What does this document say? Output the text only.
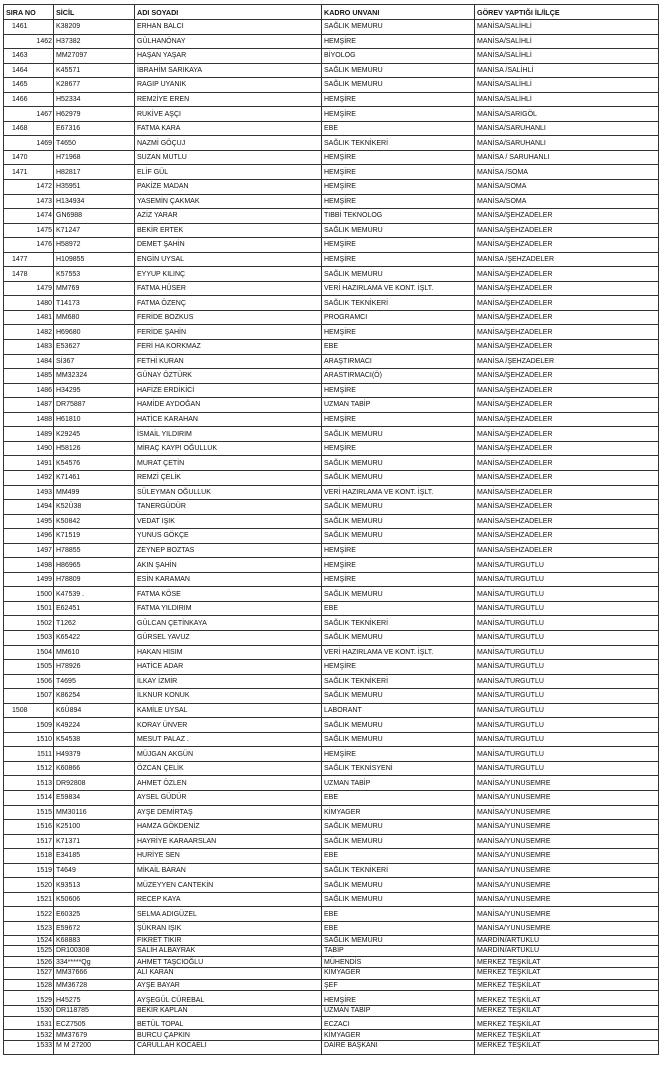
SIRA NO	SİCİL	ADI SOYADI	KADRO UNVANI	GÖREV YAPTIĞI İL/İLÇE
1461	K38209	ERHAN BALCI	SAĞLIK MEMURU	MANİSA/SALİHLİ
1462	H37382	GÜLHANÖNAY	HEMŞİRE	MANİSA/SALİHLİ
1463	MM27097	HAŞAN YAŞAR	BİYOLOG	MANİSA/SALİHLİ
1464	K45571	İBRAHİM SARIKAYA	SAĞLIK MEMURU	MANİSA /SALİHLİ
1465	K28677	RAGIP UYANIK	SAĞLIK MEMURU	MANİSA/SALİHLİ
1466	H52334	REM2İYE EREN	HEMŞİRE	MANİSA/SALİHLİ
1467	H62979	RUKİVE AŞÇI	HEMŞİRE	MANİSA/SARIGÖL
1468	E67316	FATMA KARA	EBE	MANİSA/SARUHANLI
1469	T4650	NAZMİ GÖÇUJ	SAĞLIK TEKNİKERİ	MANİSA/SARUHANLI
1470	H71968	SUZAN MUTLU	HEMŞİRE	MANİSA / SARUHANLI
1471	H82817	ELİF GÜL	HEMŞİRE	MANİSA /SOMA
1472	H35951	PAKİZE MADAN	HEMŞİRE	MANİSA/SOMA
1473	H134934	YASEMİN ÇAKMAK	HEMŞİRE	MANİSA/SOMA
1474	GN6988	AZİZ YARAR	TIBBİ TEKNOLOG	MANİSA/ŞEHZADELER
1475	K71247	BEKİR ERTEK	SAĞLIK MEMURU	MANİSA/ŞEHZADELER
1476	H58972	DEMET ŞAHİN	HEMŞİRE	MANİSA/ŞEHZADELER
1477	H109855	ENGİN UYSAL	HEMŞİRE	MANİSA /ŞEHZADELER
1478	K57553	EYYUP KILINÇ	SAĞLIK MEMURU	MANİSA/ŞEHZADELER
1479	MM769	FATMA HÜSER	VERİ HAZIRLAMA VE KONT. İŞLT.	MANİSA/ŞEHZADELER
1480	T14173	FATMA ÖZENÇ	SAĞLIK TEKNİKERİ	MANİSA/ŞEHZADELER
1481	MM680	FERİDE BOZKUS	PROGRAMCI	MANİSA/ŞEHZADELER
1482	H69680	FERİDE ŞAHİN	HEMŞİRE	MANİSA/ŞEHZADELER
1483	E53627	FERİ HA KORKMAZ	EBE	MANİSA/ŞEHZADELER
1484	Sİ367	FETHİ KURAN	ARAŞTIRMACI	MANİSA /ŞEHZADELER
1485	MM32324	GÜNAY ÖZTÜRK	ARASTIRMACI(Ö)	MANİSA/ŞEHZADELER
1486	H34295	HAFİZE ERDİKİCİ	HEMŞİRE	MANİSA/ŞEHZADELER
1487	DR75887	HAMİDE AYDOĞAN	UZMAN TABİP	MANİSA/ŞEHZADELER
1488	H61810	HATİCE KARAHAN	HEMŞİRE	MANİSA/ŞEHZADELER
1489	K29245	İSMAİL YILDIRIM	SAĞLIK MEMURU	MANİSA/ŞEHZADELER
1490	H58126	MİRAÇ KAYPI OĞULLUK	HEMŞİRE	MANİSA/ŞEHZADELER
1491	K54576	MURAT ÇETİN	SAĞLIK MEMURU	MANİSA/SEHZADELER
1492	K71461	REMZİ ÇELİK	SAĞLIK MEMURU	MANİSA/SEHZADELER
1493	MM499	SÜLEYMAN OĞULLUK	VERİ HAZIRLAMA VE KONT. İŞLT.	MANİSA/SEHZADELER
1494	K52Ü38	TANERGÜDÜR	SAĞLIK MEMURU	MANİSA/SEHZADELER
1495	K50842	VEDAT IŞIK	SAĞLIK MEMURU	MANİSA/SEHZADELER
1496	K71519	YUNUS GÖKÇE	SAĞLIK MEMURU	MANİSA/SEHZADELER
1497	H78855	ZEYNEP BOZTAS	HEMŞİRE	MANİSA/SEHZADELER
1498	H86965	AKIN ŞAHİN	HEMŞİRE	MANİSA/TURGUTLU
1499	H78809	ESİN KARAMAN	HEMŞİRE	MANİSA/TURGUTLU
1500	K47539 .	FATMA KÖSE	SAĞLIK MEMURU	MANİSA/TURGUTLU
1501	E62451	FATMA YILDIRIM	EBE	MANİSA/TURGUTLU
1502	T1262	GÜLCAN ÇETİNKAYA	SAĞLIK TEKNİKERİ	MANİSA/TURGUTLU
1503	K65422	GÜRSEL YAVUZ	SAĞLIK MEMURU	MANİSA/TURGUTLU
1504	MM610	HAKAN HISIM	VERİ HAZIRLAMA VE KONT. İŞLT.	MANİSA/TURGUTLU
1505	H78926	HATİCE ADAR	HEMŞİRE	MANİSA/TURGUTLU
1506	T4695	İLKAY İZMİR	SAĞLIK TEKNİKERİ	MANİSA/TURGUTLU
1507	K86254	İLKNUR KONUK	SAĞLIK MEMURU	MANİSA/TURGUTLU
1508	K6Ü894	KAMİLE UYSAL	LABORANT	MANİSA/TURGUTLU
1509	K49224	KORAY ÜNVER	SAĞLIK MEMURU	MANİSA/TURGUTLU
1510	K54538	MESUT PALAZ .	SAĞLIK MEMURU	MANİSA/TURGUTLU
1511	H49379	MÜJGAN AKGÜN	HEMŞİRE	MANİSA/TURGUTLU
1512	K60866	ÖZCAN ÇELİK	SAĞLIK TEKNİSYENİ	MANİSA/TURGUTLU
1513	DR92808	AHMET ÖZLEN	UZMAN TABİP	MANİSA/YUNUSEMRE
1514	E59834	AYSEL GÜDÜR	EBE	MANİSA/YUNUSEMRE
1515	MM30116	AYŞE DEMİRTAŞ	KİMYAGER	MANİSA/YUNUSEMRE
1516	K25100	HAMZA GÖKDENİZ	SAĞLIK MEMURU	MANİSA/YUNUSEMRE
1517	K71371	HAYRİYE KARAARSLAN	SAĞLIK MEMURU	MANİSA/YUNUSEMRE
1518	E34185	HURİYE SEN	EBE	MANİSA/YUNUSEMRE
1519	T4649	MİKAİL BARAN	SAĞLIK TEKNİKERİ	MANİSA/YUNUSEMRE
1520	K93513	MÜZEYYEN CANTEKİN	SAĞLIK MEMURU	MANİSA/YUNUSEMRE
1521	K50606	RECEP KAYA	SAĞLIK MEMURU	MANİSA/YUNUSEMRE
1522	E60325	SELMA ADIGÜZEL	EBE	MANİSA/YUNUSEMRE
1523	E59672	ŞÜKRAN IŞIK	EBE	MANİSA/YUNUSEMRE
1524	K68883	FİKRET TIKIR	SAĞLIK MEMURU	MARDİN/ARTUKLU
1525	DR100308	SALİH ALBAYRAK	TABİP	MARDİN/ARTUKLU
1526	334*****Qg	AHMET TAŞCIOĞLU	MÜHENDİS	MERKEZ TEŞKİLAT
1527	MM37666	ALİ KARAN	KİMYAGER	MERKEZ TEŞKİLAT
1528	MM36728	AYŞE BAYAR	ŞEF	MERKEZ TEŞKİLAT
1529	H45275	AYŞEGÜL CÜREBAL	HEMŞİRE	MERKEZ TEŞKİLAT
1530	DR118785	BEKİR KAPLAN	UZMAN TABİP	MERKEZ TEŞKİLAT
1531	ECZ7505	BETÜL TOPAL	ECZACI	MERKEZ TEŞKİLAT
1532	MM37679	BURCU ÇAPKIN	KİMYAGER	MERKEZ TEŞKİLAT
1533	M M 27200	CARULLAH KOCAELİ	DAİRE BAŞKANI	MERKEZ TEŞKİLAT
